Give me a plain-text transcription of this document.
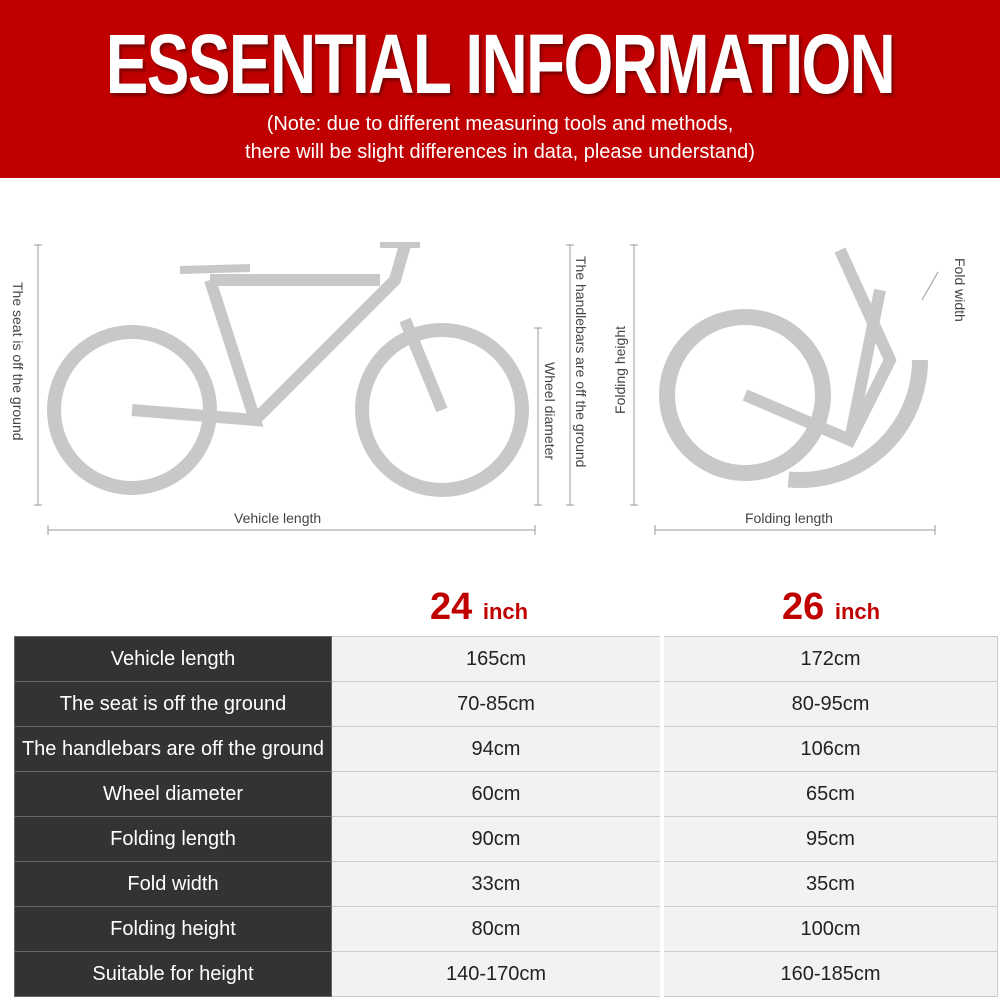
ESSENTIAL INFORMATION
(Note: due to different measuring tools and methods,
there will be slight differences in data, please understand)
The seat is off the ground	The handlebars are off the ground
Wheel diameter
Vehicle length
Folding height
Fold width
Folding length
24 inch	26 inch
Vehicle length	165cm	172cm
The seat is off the ground	70-85cm	80-95cm
The handlebars are off the ground	94cm	106cm
Wheel diameter	60cm	65cm
Folding length	90cm	95cm
Fold width	33cm	35cm
Folding height	80cm	100cm
Suitable for height	140-170cm	160-185cm
